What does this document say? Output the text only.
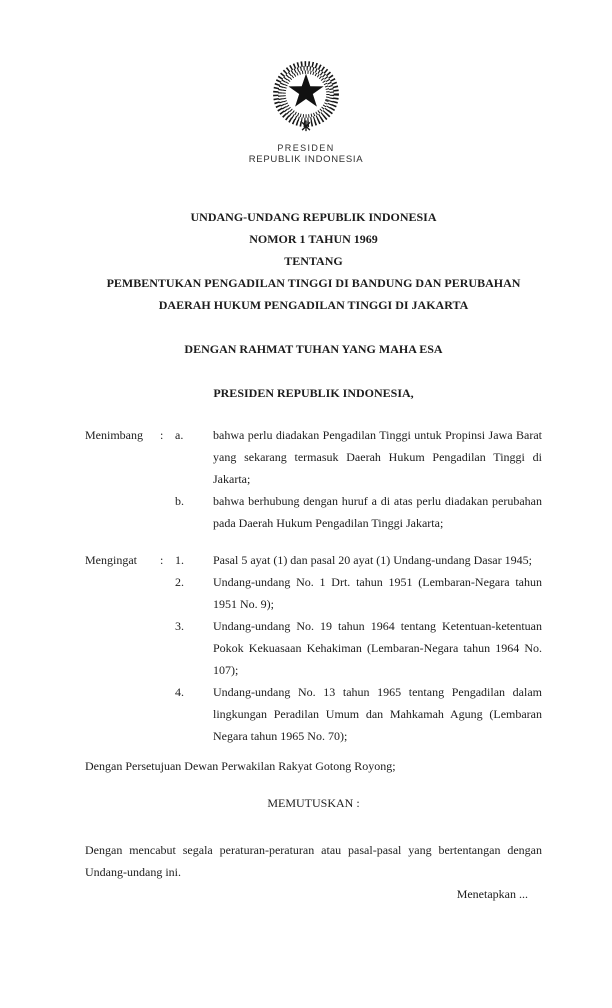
PRESIDEN
REPUBLIK INDONESIA
UNDANG-UNDANG REPUBLIK INDONESIA
NOMOR 1 TAHUN 1969
TENTANG
PEMBENTUKAN PENGADILAN TINGGI DI BANDUNG DAN PERUBAHAN
DAERAH HUKUM PENGADILAN TINGGI DI JAKARTA
DENGAN RAHMAT TUHAN YANG MAHA ESA
PRESIDEN REPUBLIK INDONESIA,
Menimbang	: a.	bahwa perlu diadakan Pengadilan Tinggi untuk Propinsi Jawa Barat yang sekarang termasuk Daerah Hukum Pengadilan Tinggi di Jakarta;
b.	bahwa berhubung dengan huruf a di atas perlu diadakan perubahan pada Daerah Hukum Pengadilan Tinggi Jakarta;
Mengingat	: 1.	Pasal 5 ayat (1) dan pasal 20 ayat (1) Undang-undang Dasar 1945;
2.	Undang-undang No. 1 Drt. tahun 1951 (Lembaran-Negara tahun 1951 No. 9);
3.	Undang-undang No. 19 tahun 1964 tentang Ketentuan-ketentuan Pokok Kekuasaan Kehakiman (Lembaran-Negara tahun 1964 No. 107);
4.	Undang-undang No. 13 tahun 1965 tentang Pengadilan dalam lingkungan Peradilan Umum dan Mahkamah Agung (Lembaran Negara tahun 1965 No. 70);
Dengan Persetujuan Dewan Perwakilan Rakyat Gotong Royong;
MEMUTUSKAN :
Dengan mencabut segala peraturan-peraturan atau pasal-pasal yang bertentangan dengan Undang-undang ini.
Menetapkan ...
